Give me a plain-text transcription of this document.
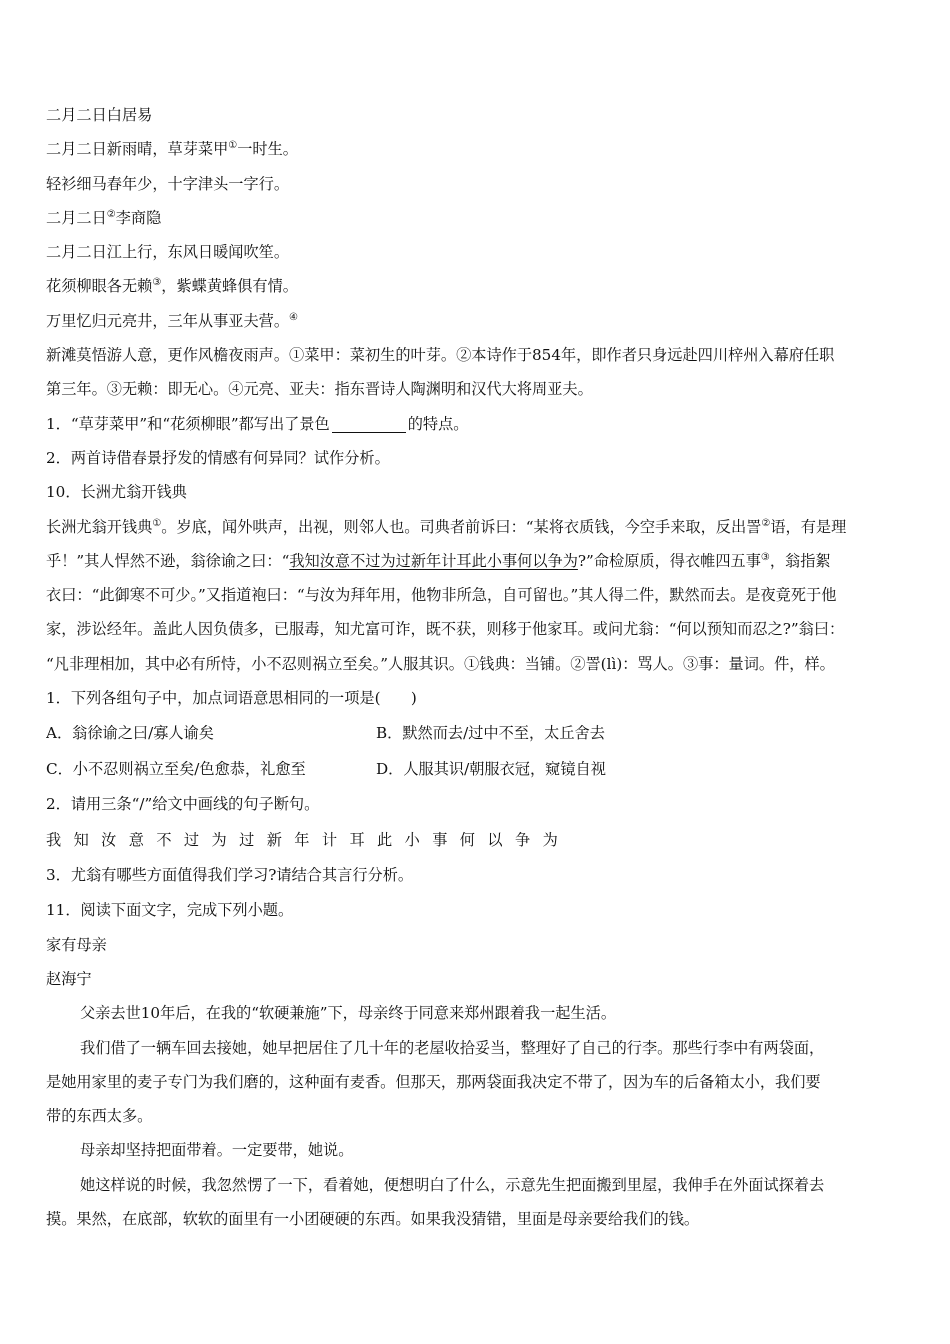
二月二日白居易
二月二日新雨晴，草芽菜甲①一时生。
轻衫细马春年少，十字津头一字行。
二月二日②李商隐
二月二日江上行，东风日暖闻吹笙。
花须柳眼各无赖③，紫蝶黄蜂俱有情。
万里忆归元亮井，三年从事亚夫营。④
新滩莫悟游人意，更作风檐夜雨声。①菜甲：菜初生的叶芽。②本诗作于854年，即作者只身远赴四川梓州入幕府任职
第三年。③无赖：即无心。④元亮、亚夫：指东晋诗人陶渊明和汉代大将周亚夫。
1．“草芽菜甲”和“花须柳眼”都写出了景色	的特点。
2．两首诗借春景抒发的情感有何异同？试作分析。
10．长洲尤翁开钱典
长洲尤翁开钱典①。岁底，闻外哄声，出视，则邻人也。司典者前诉曰：“某将衣质钱，今空手来取，反出詈②语，有是理
乎！”其人悍然不逊，翁徐谕之曰：“我知汝意不过为过新年计耳此小事何以争为?”命检原质，得衣帷四五事③，翁指絮
衣曰：“此御寒不可少。”又指道袍曰：“与汝为拜年用，他物非所急，自可留也。”其人得二件，默然而去。是夜竟死于他
家，涉讼经年。盖此人因负债多，已服毒，知尤富可诈，既不获，则移于他家耳。或问尤翁：“何以预知而忍之?”翁曰：
“凡非理相加，其中必有所恃，小不忍则祸立至矣。”人服其识。①钱典：当铺。②詈(lì)：骂人。③事：量词。件，样。
1．下列各组句子中，加点词语意思相同的一项是(　　)
A．翁徐谕之曰/寡人谕矣	B．默然而去/过中不至，太丘舍去
C．小不忍则祸立至矣/色愈恭，礼愈至	D．人服其识/朝服衣冠，窥镜自视
2．请用三条“/”给文中画线的句子断句。
我知汝意不过为过新年计耳此小事何以争为
3．尤翁有哪些方面值得我们学习?请结合其言行分析。
11．阅读下面文字，完成下列小题。
家有母亲
赵海宁
父亲去世10年后，在我的“软硬兼施”下，母亲终于同意来郑州跟着我一起生活。
我们借了一辆车回去接她，她早把居住了几十年的老屋收拾妥当，整理好了自己的行李。那些行李中有两袋面，
是她用家里的麦子专门为我们磨的，这种面有麦香。但那天，那两袋面我决定不带了，因为车的后备箱太小，我们要
带的东西太多。
母亲却坚持把面带着。一定要带，她说。
她这样说的时候，我忽然愣了一下，看着她，便想明白了什么，示意先生把面搬到里屋，我伸手在外面试探着去
摸。果然，在底部，软软的面里有一小团硬硬的东西。如果我没猜错，里面是母亲要给我们的钱。
